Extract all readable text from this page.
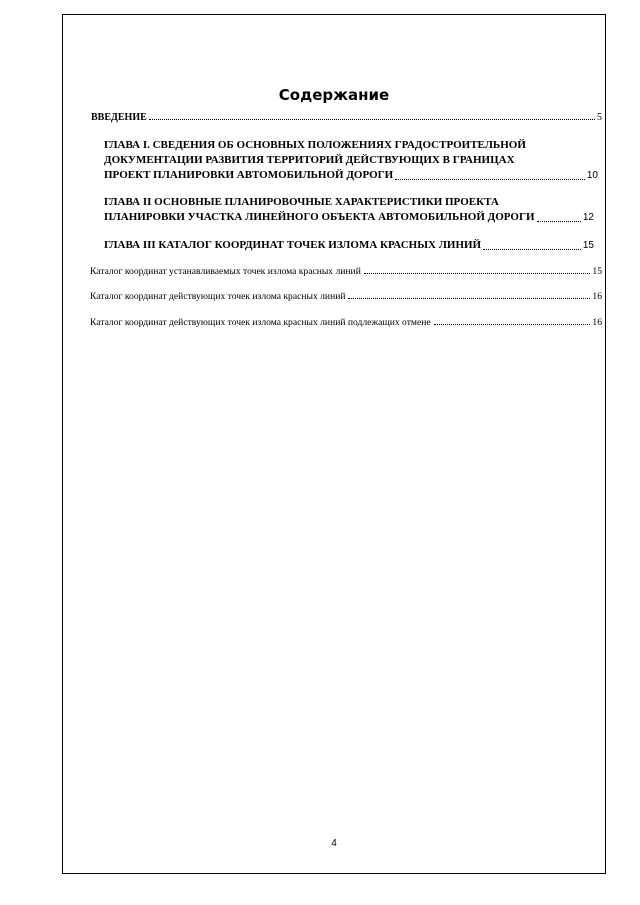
Содержание
ВВЕДЕНИЕ	5
ГЛАВА I. СВЕДЕНИЯ ОБ ОСНОВНЫХ ПОЛОЖЕНИЯХ ГРАДОСТРОИТЕЛЬНОЙ
ДОКУМЕНТАЦИИ РАЗВИТИЯ ТЕРРИТОРИЙ ДЕЙСТВУЮЩИХ В ГРАНИЦАХ
ПРОЕКТ ПЛАНИРОВКИ АВТОМОБИЛЬНОЙ ДОРОГИ	10
ГЛАВА II ОСНОВНЫЕ ПЛАНИРОВОЧНЫЕ ХАРАКТЕРИСТИКИ ПРОЕКТА
ПЛАНИРОВКИ УЧАСТКА ЛИНЕЙНОГО ОБЪЕКТА АВТОМОБИЛЬНОЙ ДОРОГИ	12
ГЛАВА III КАТАЛОГ КООРДИНАТ ТОЧЕК ИЗЛОМА КРАСНЫХ ЛИНИЙ	15
Каталог координат устанавливаемых точек излома красных линий	15
Каталог координат действующих точек излома красных линий	16
Каталог координат действующих точек излома красных линий подлежащих отмене	16
4
